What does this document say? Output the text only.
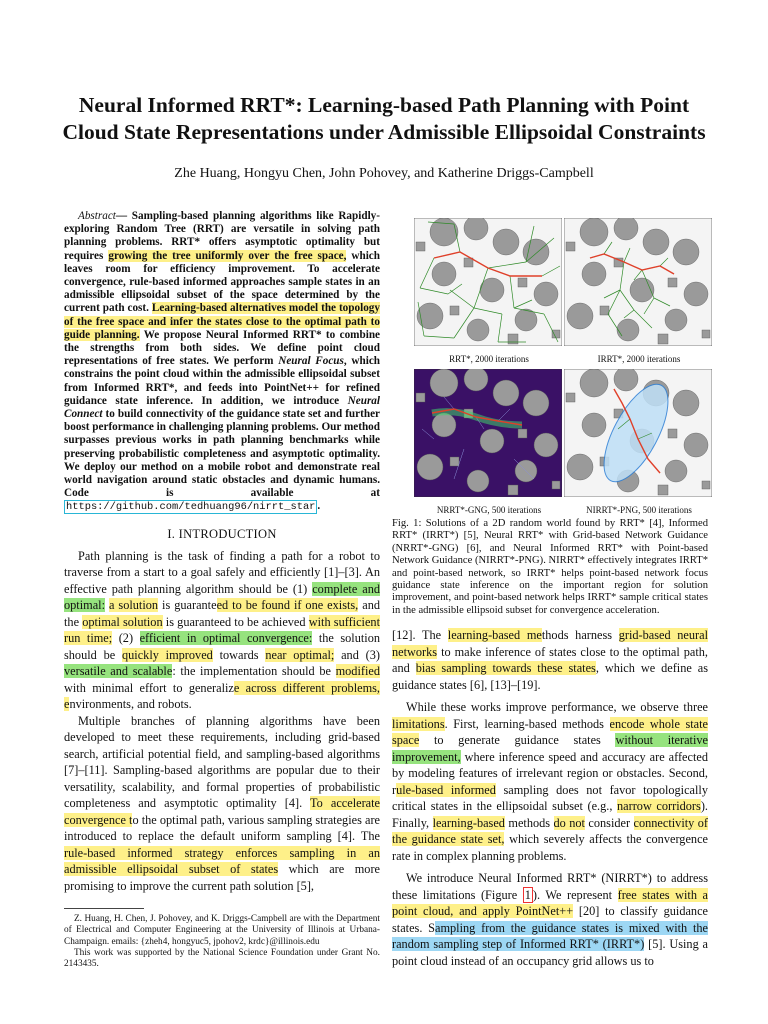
Neural Informed RRT*: Learning-based Path Planning with Point
Cloud State Representations under Admissible Ellipsoidal Constraints
Zhe Huang, Hongyu Chen, John Pohovey, and Katherine Driggs-Campbell

Abstract— Sampling-based planning algorithms like Rapidly-exploring Random Tree (RRT) are versatile in solving path planning problems. RRT* offers asymptotic optimality but requires growing the tree uniformly over the free space, which leaves room for efficiency improvement. To accelerate convergence, rule-based informed approaches sample states in an admissible ellipsoidal subset of the space determined by the current path cost. Learning-based alternatives model the topology of the free space and infer the states close to the optimal path to guide planning. We propose Neural Informed RRT* to combine the strengths from both sides. We define point cloud representations of free states. We perform Neural Focus, which constrains the point cloud within the admissible ellipsoidal subset from Informed RRT*, and feeds into PointNet++ for refined guidance state inference. In addition, we introduce Neural Connect to build connectivity of the guidance state set and further boost performance in challenging planning problems. Our method surpasses previous works in path planning benchmarks while preserving probabilistic completeness and asymptotic optimality. We deploy our method on a mobile robot and demonstrate real world navigation around static obstacles and dynamic humans. Code is available at https://github.com/tedhuang96/nirrt_star .

I. INTRODUCTION

Path planning is the task of finding a path for a robot to traverse from a start to a goal safely and efficiently [1]–[3]. An effective path planning algorithm should be (1) complete and optimal: a solution is guaranteed to be found if one exists, and the optimal solution is guaranteed to be achieved with sufficient run time; (2) efficient in optimal convergence: the solution should be quickly improved towards near optimal; and (3) versatile and scalable: the implementation should be modified with minimal effort to generalize across different problems, environments, and robots.

Multiple branches of planning algorithms have been developed to meet these requirements, including grid-based search, artificial potential field, and sampling-based algorithms [7]–[11]. Sampling-based algorithms are popular due to their versatility, scalability, and formal properties of probabilistic completeness and asymptotic optimality [4]. To accelerate convergence to the optimal path, various sampling strategies are introduced to replace the default uniform sampling [4]. The rule-based informed strategy enforces sampling in an admissible ellipsoidal subset of states which are more promising to improve the current path solution [5],

Z. Huang, H. Chen, J. Pohovey, and K. Driggs-Campbell are with the Department of Electrical and Computer Engineering at the University of Illinois at Urbana-Champaign. emails: {zheh4, hongyuc5, jpohov2, krdc}@illinois.edu

This work was supported by the National Science Foundation under Grant No. 2143435.

RRT*, 2000 iterations	IRRT*, 2000 iterations
NRRT*-GNG, 500 iterations	NIRRT*-PNG, 500 iterations

Fig. 1: Solutions of a 2D random world found by RRT* [4], Informed RRT* (IRRT*) [5], Neural RRT* with Grid-based Network Guidance (NRRT*-GNG) [6], and Neural Informed RRT* with Point-based Network Guidance (NIRRT*-PNG). NIRRT* effectively integrates IRRT* and point-based network, so IRRT* helps point-based network focus guidance state inference on the important region for solution improvement, and point-based network helps IRRT* sample critical states in the admissible ellipsoid subset for convergence acceleration.

[12]. The learning-based methods harness grid-based neural networks to make inference of states close to the optimal path, and bias sampling towards these states, which we define as guidance states [6], [13]–[19].

While these works improve performance, we observe three limitations. First, learning-based methods encode whole state space to generate guidance states without iterative improvement, where inference speed and accuracy are affected by modeling features of irrelevant region or obstacles. Second, rule-based informed sampling does not favor topologically critical states in the ellipsoidal subset (e.g., narrow corridors). Finally, learning-based methods do not consider connectivity of the guidance state set, which severely affects the convergence rate in complex planning problems.

We introduce Neural Informed RRT* (NIRRT*) to address these limitations (Figure 1 ). We represent free states with a point cloud, and apply PointNet++ [20] to classify guidance states. Sampling from the guidance states is mixed with the random sampling step of Informed RRT* (IRRT*) [5]. Using a point cloud instead of an occupancy grid allows us to
